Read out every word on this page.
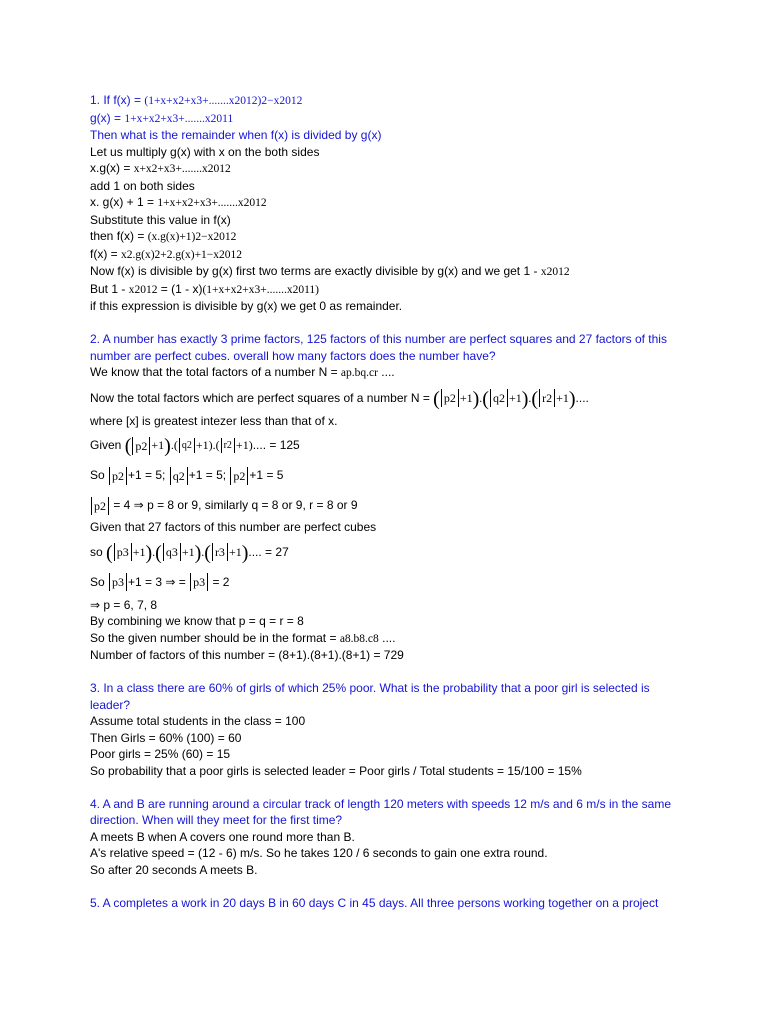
1. If f(x) = (1+x+x2+x3+.......x2012)2−x2012
g(x) = 1+x+x2+x3+.......x2011
Then what is the remainder when f(x) is divided by g(x)
Let us multiply g(x) with x on the both sides
x.g(x) = x+x2+x3+.......x2012
add 1 on both sides
x. g(x) + 1 = 1+x+x2+x3+.......x2012
Substitute this value in f(x)
then f(x) = (x.g(x)+1)2−x2012
f(x) = x2.g(x)2+2.g(x)+1−x2012
Now f(x) is divisible by g(x) first two terms are exactly divisible by g(x) and we get 1 - x2012
But 1 - x2012 = (1 - x)(1+x+x2+x3+.......x2011)
if this expression is divisible by g(x) we get 0 as remainder.
2. A number has exactly 3 prime factors, 125 factors of this number are perfect squares and 27 factors of this number are perfect cubes. overall how many factors does the number have?
We know that the total factors of a number N = ap.bq.cr ....
Now the total factors which are perfect squares of a number N = ( p2 +1).( q2 +1).( r2 +1)....
where [x] is greatest intezer less than that of x.
Given ( p2 +1).( q2 +1).( r2 +1).... = 125
So p2 +1 = 5; q2 +1 = 5; p2 +1 = 5
p2 = 4 ⇒ p = 8 or 9, similarly q = 8 or 9, r = 8 or 9
Given that 27 factors of this number are perfect cubes
so ( p3 +1).( q3 +1).( r3 +1).... = 27
So p3 +1 = 3 ⇒ = p3 = 2
⇒ p = 6, 7, 8
By combining we know that p = q = r = 8
So the given number should be in the format = a8.b8.c8 ....
Number of factors of this number = (8+1).(8+1).(8+1) = 729
3. In a class there are 60% of girls of which 25% poor. What is the probability that a poor girl is selected is leader?
Assume total students in the class = 100
Then Girls = 60% (100) = 60
Poor girls = 25% (60) = 15
So probability that a poor girls is selected leader = Poor girls / Total students = 15/100 = 15%
4. A and B are running around a circular track of length 120 meters with speeds 12 m/s and 6 m/s in the same direction. When will they meet for the first time?
A meets B when A covers one round more than B.
A's relative speed = (12 - 6) m/s. So he takes 120 / 6 seconds to gain one extra round.
So after 20 seconds A meets B.
5. A completes a work in 20 days B in 60 days C in 45 days. All three persons working together on a project
